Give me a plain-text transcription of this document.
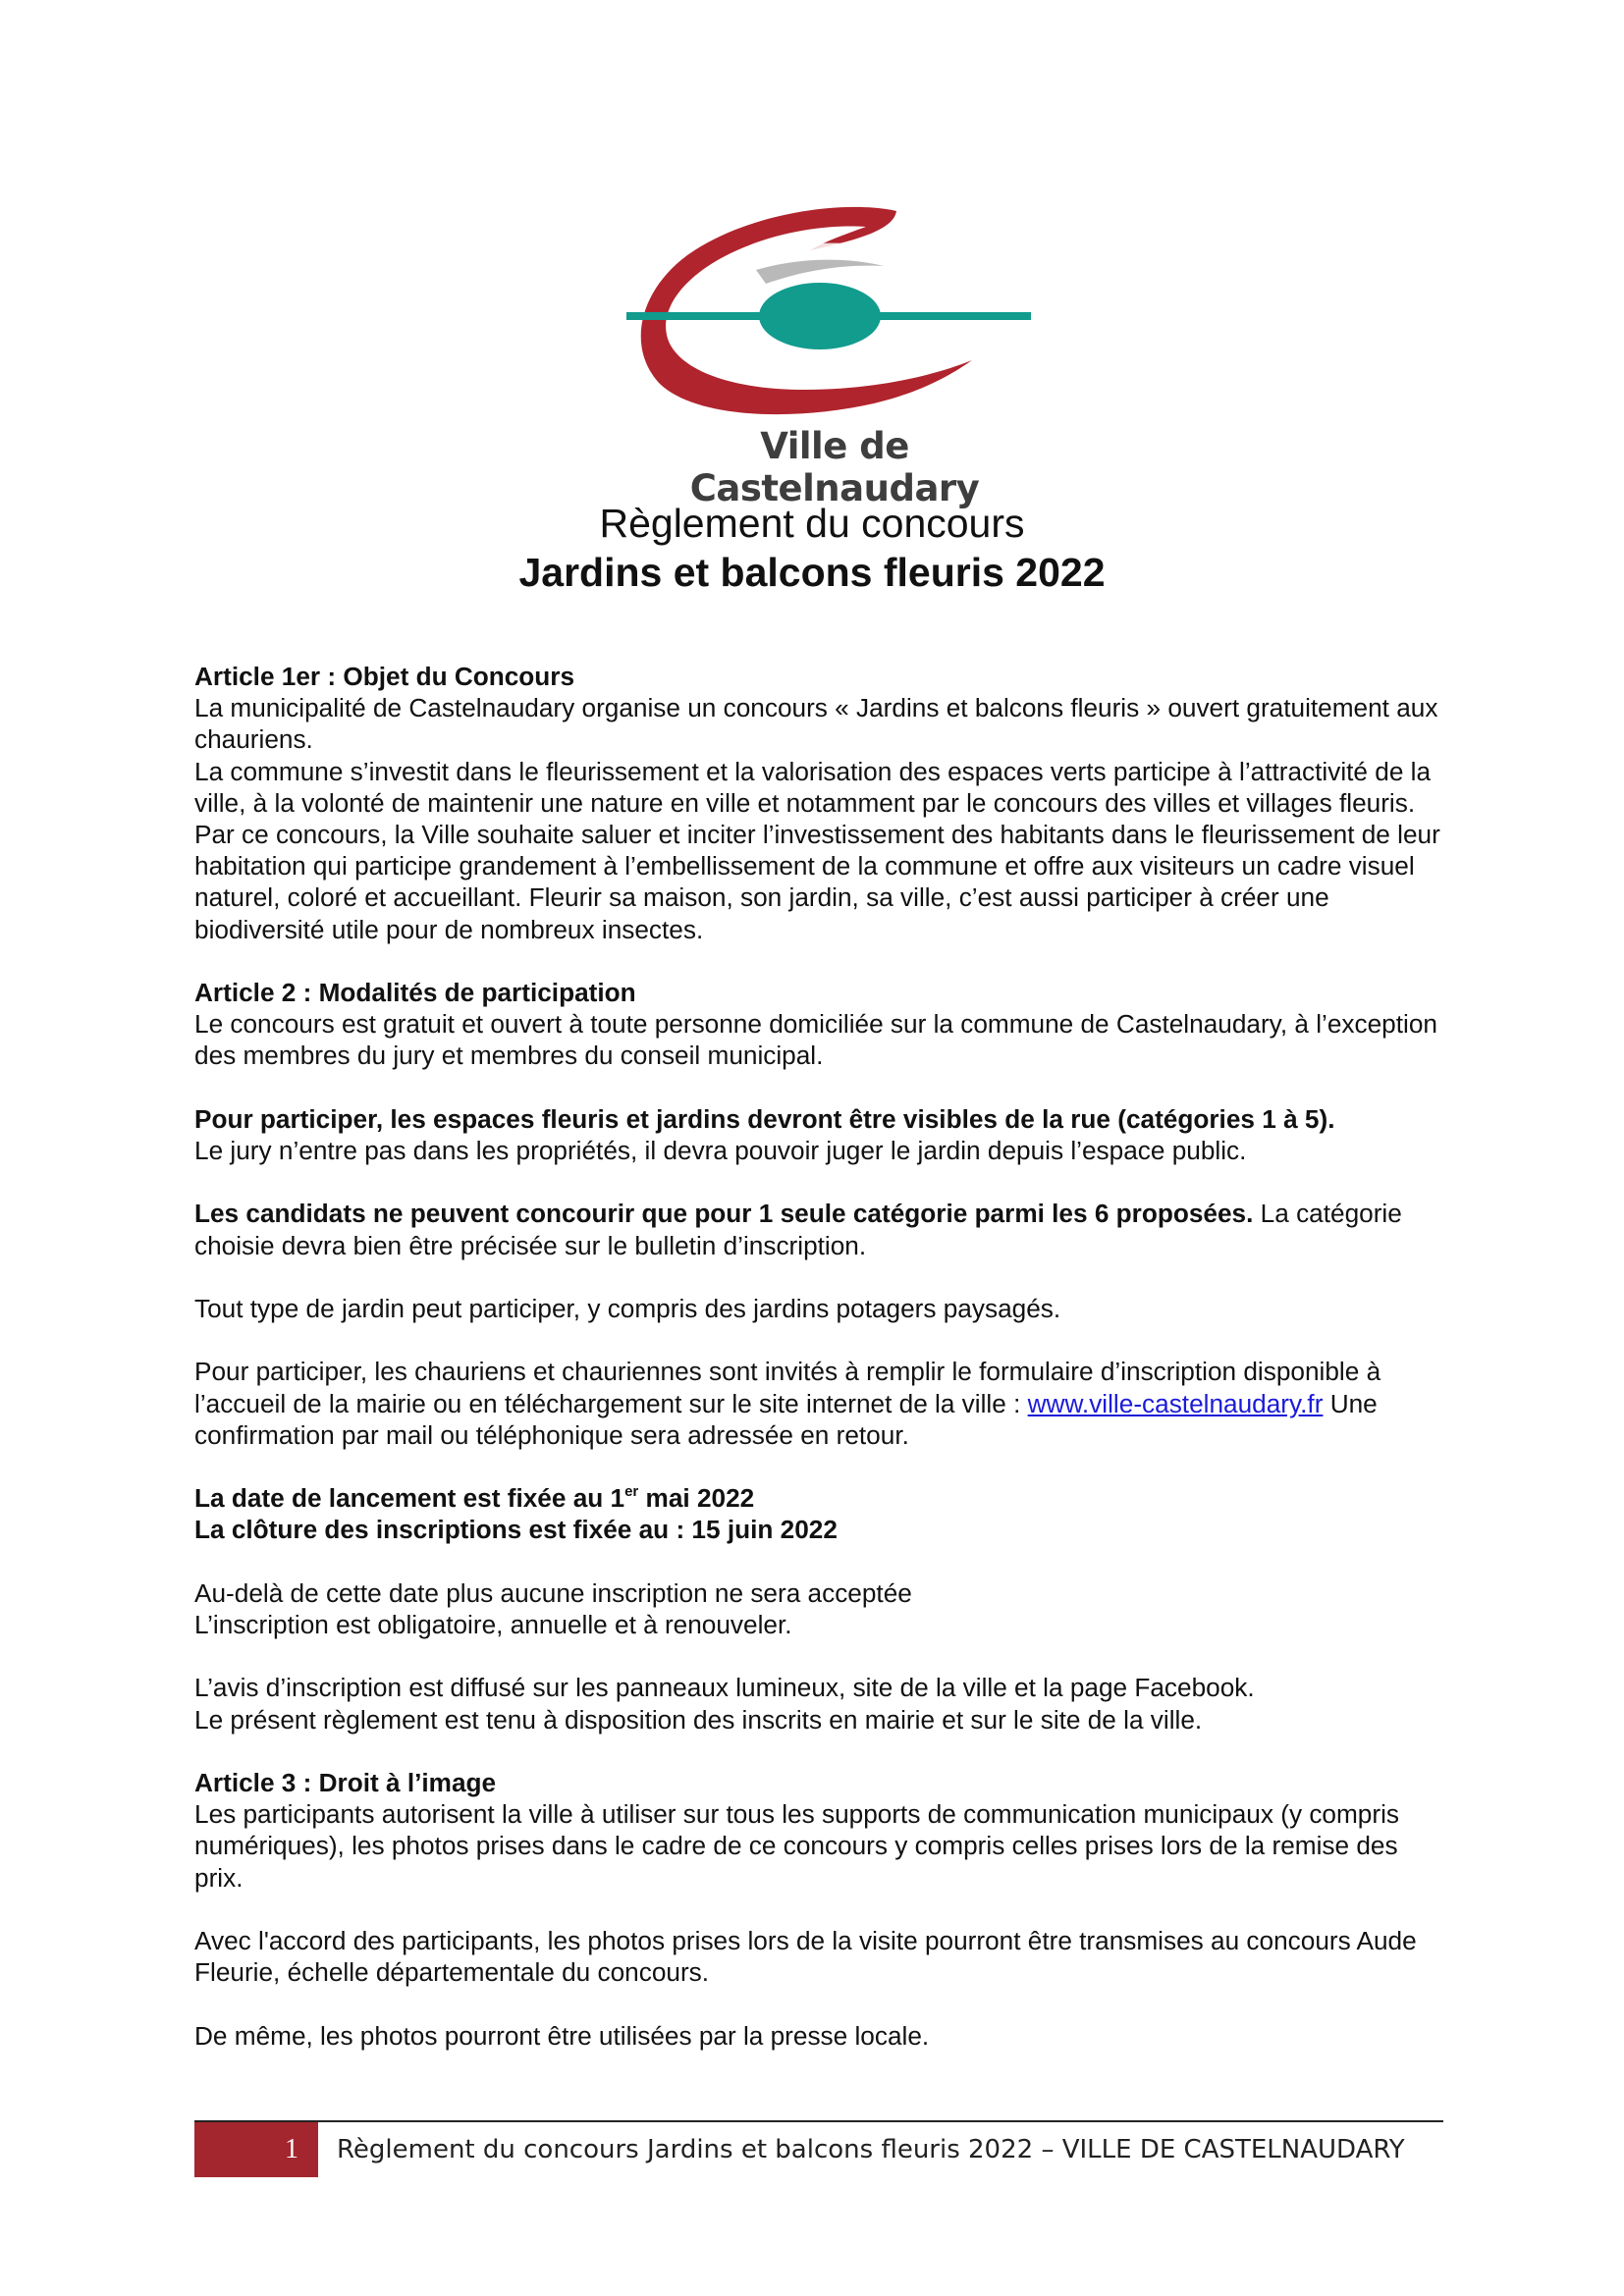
Ville de Castelnaudary
Règlement du concours
Jardins et balcons fleuris 2022

Article 1er : Objet du Concours
La municipalité de Castelnaudary organise un concours « Jardins et balcons fleuris » ouvert gratuitement aux chauriens.
La commune s’investit dans le fleurissement et la valorisation des espaces verts participe à l’attractivité de la ville, à la volonté de maintenir une nature en ville et notamment par le concours des villes et villages fleuris.
Par ce concours, la Ville souhaite saluer et inciter l’investissement des habitants dans le fleurissement de leur habitation qui participe grandement à l’embellissement de la commune et offre aux visiteurs un cadre visuel naturel, coloré et accueillant. Fleurir sa maison, son jardin, sa ville, c’est aussi participer à créer une biodiversité utile pour de nombreux insectes.

Article 2 : Modalités de participation
Le concours est gratuit et ouvert à toute personne domiciliée sur la commune de Castelnaudary, à l’exception des membres du jury et membres du conseil municipal.

Pour participer, les espaces fleuris et jardins devront être visibles de la rue (catégories 1 à 5).
Le jury n’entre pas dans les propriétés, il devra pouvoir juger le jardin depuis l’espace public.

Les candidats ne peuvent concourir que pour 1 seule catégorie parmi les 6 proposées. La catégorie choisie devra bien être précisée sur le bulletin d’inscription.

Tout type de jardin peut participer, y compris des jardins potagers paysagés.

Pour participer, les chauriens et chauriennes sont invités à remplir le formulaire d’inscription disponible à l’accueil de la mairie ou en téléchargement sur le site internet de la ville : www.ville-castelnaudary.fr Une confirmation par mail ou téléphonique sera adressée en retour.

La date de lancement est fixée au 1er mai 2022
La clôture des inscriptions est fixée au : 15 juin 2022

Au-delà de cette date plus aucune inscription ne sera acceptée
L’inscription est obligatoire, annuelle et à renouveler.

L’avis d’inscription est diffusé sur les panneaux lumineux, site de la ville et la page Facebook.
Le présent règlement est tenu à disposition des inscrits en mairie et sur le site de la ville.

Article 3 : Droit à l’image
Les participants autorisent la ville à utiliser sur tous les supports de communication municipaux (y compris numériques), les photos prises dans le cadre de ce concours y compris celles prises lors de la remise des prix.

Avec l'accord des participants, les photos prises lors de la visite pourront être transmises au concours Aude Fleurie, échelle départementale du concours.

De même, les photos pourront être utilisées par la presse locale.

1	Règlement du concours Jardins et balcons fleuris 2022 – VILLE DE CASTELNAUDARY
